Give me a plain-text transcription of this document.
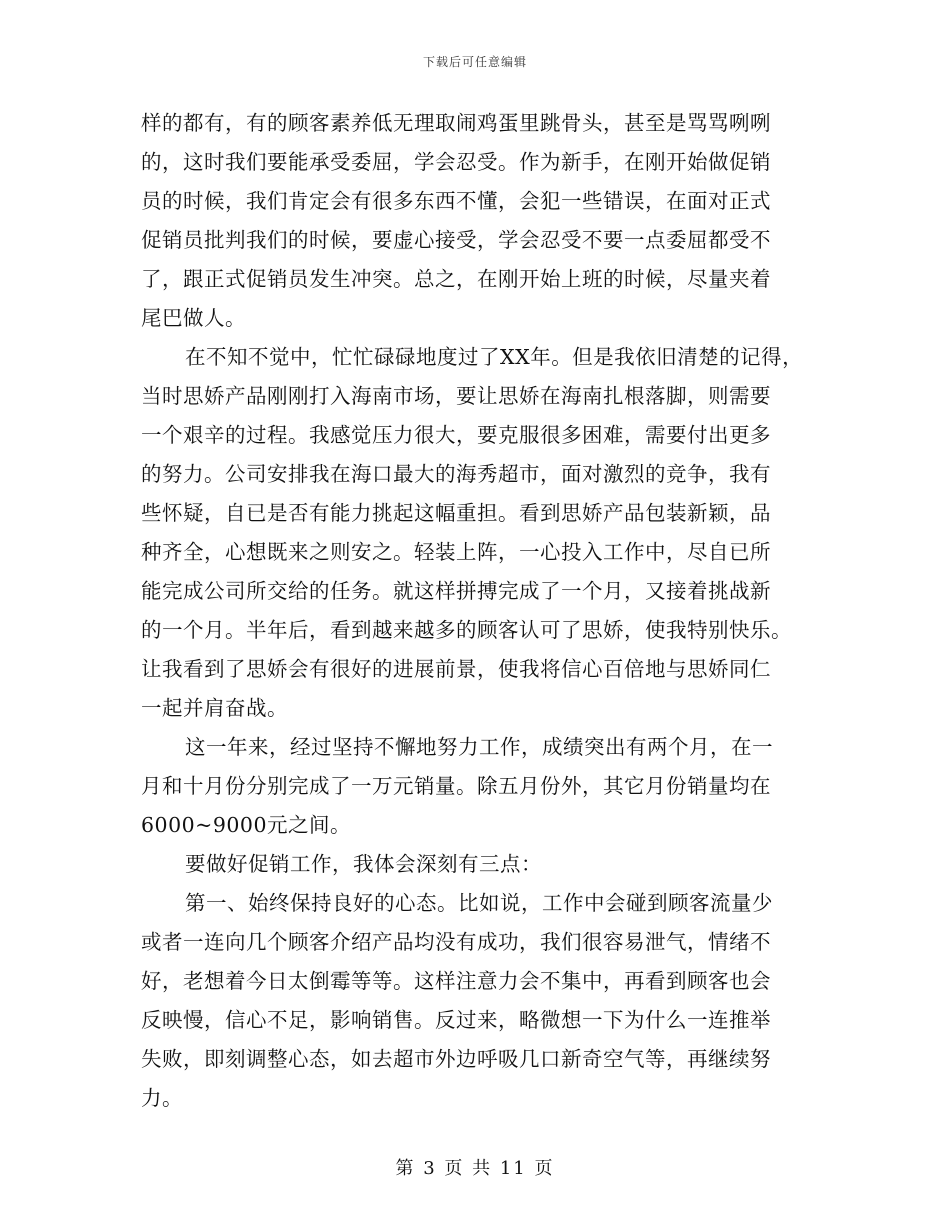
下载后可任意编辑
样的都有，有的顾客素养低无理取闹鸡蛋里跳骨头，甚至是骂骂咧咧
的，这时我们要能承受委屈，学会忍受。作为新手，在刚开始做促销
员的时候，我们肯定会有很多东西不懂，会犯一些错误，在面对正式
促销员批判我们的时候，要虚心接受，学会忍受不要一点委屈都受不
了，跟正式促销员发生冲突。总之，在刚开始上班的时候，尽量夹着
尾巴做人。
在不知不觉中，忙忙碌碌地度过了XX年。但是我依旧清楚的记得，
当时思娇产品刚刚打入海南市场，要让思娇在海南扎根落脚，则需要
一个艰辛的过程。我感觉压力很大，要克服很多困难，需要付出更多
的努力。公司安排我在海口最大的海秀超市，面对激烈的竞争，我有
些怀疑，自已是否有能力挑起这幅重担。看到思娇产品包装新颖，品
种齐全，心想既来之则安之。轻装上阵，一心投入工作中，尽自已所
能完成公司所交给的任务。就这样拼搏完成了一个月，又接着挑战新
的一个月。半年后，看到越来越多的顾客认可了思娇，使我特别快乐。
让我看到了思娇会有很好的进展前景，使我将信心百倍地与思娇同仁
一起并肩奋战。
这一年来，经过坚持不懈地努力工作，成绩突出有两个月，在一
月和十月份分别完成了一万元销量。除五月份外，其它月份销量均在
6000~9000元之间。
要做好促销工作，我体会深刻有三点：
第一、始终保持良好的心态。比如说，工作中会碰到顾客流量少
或者一连向几个顾客介绍产品均没有成功，我们很容易泄气，情绪不
好，老想着今日太倒霉等等。这样注意力会不集中，再看到顾客也会
反映慢，信心不足，影响销售。反过来，略微想一下为什么一连推举
失败，即刻调整心态，如去超市外边呼吸几口新奇空气等，再继续努
力。
第 3 页 共 11 页
